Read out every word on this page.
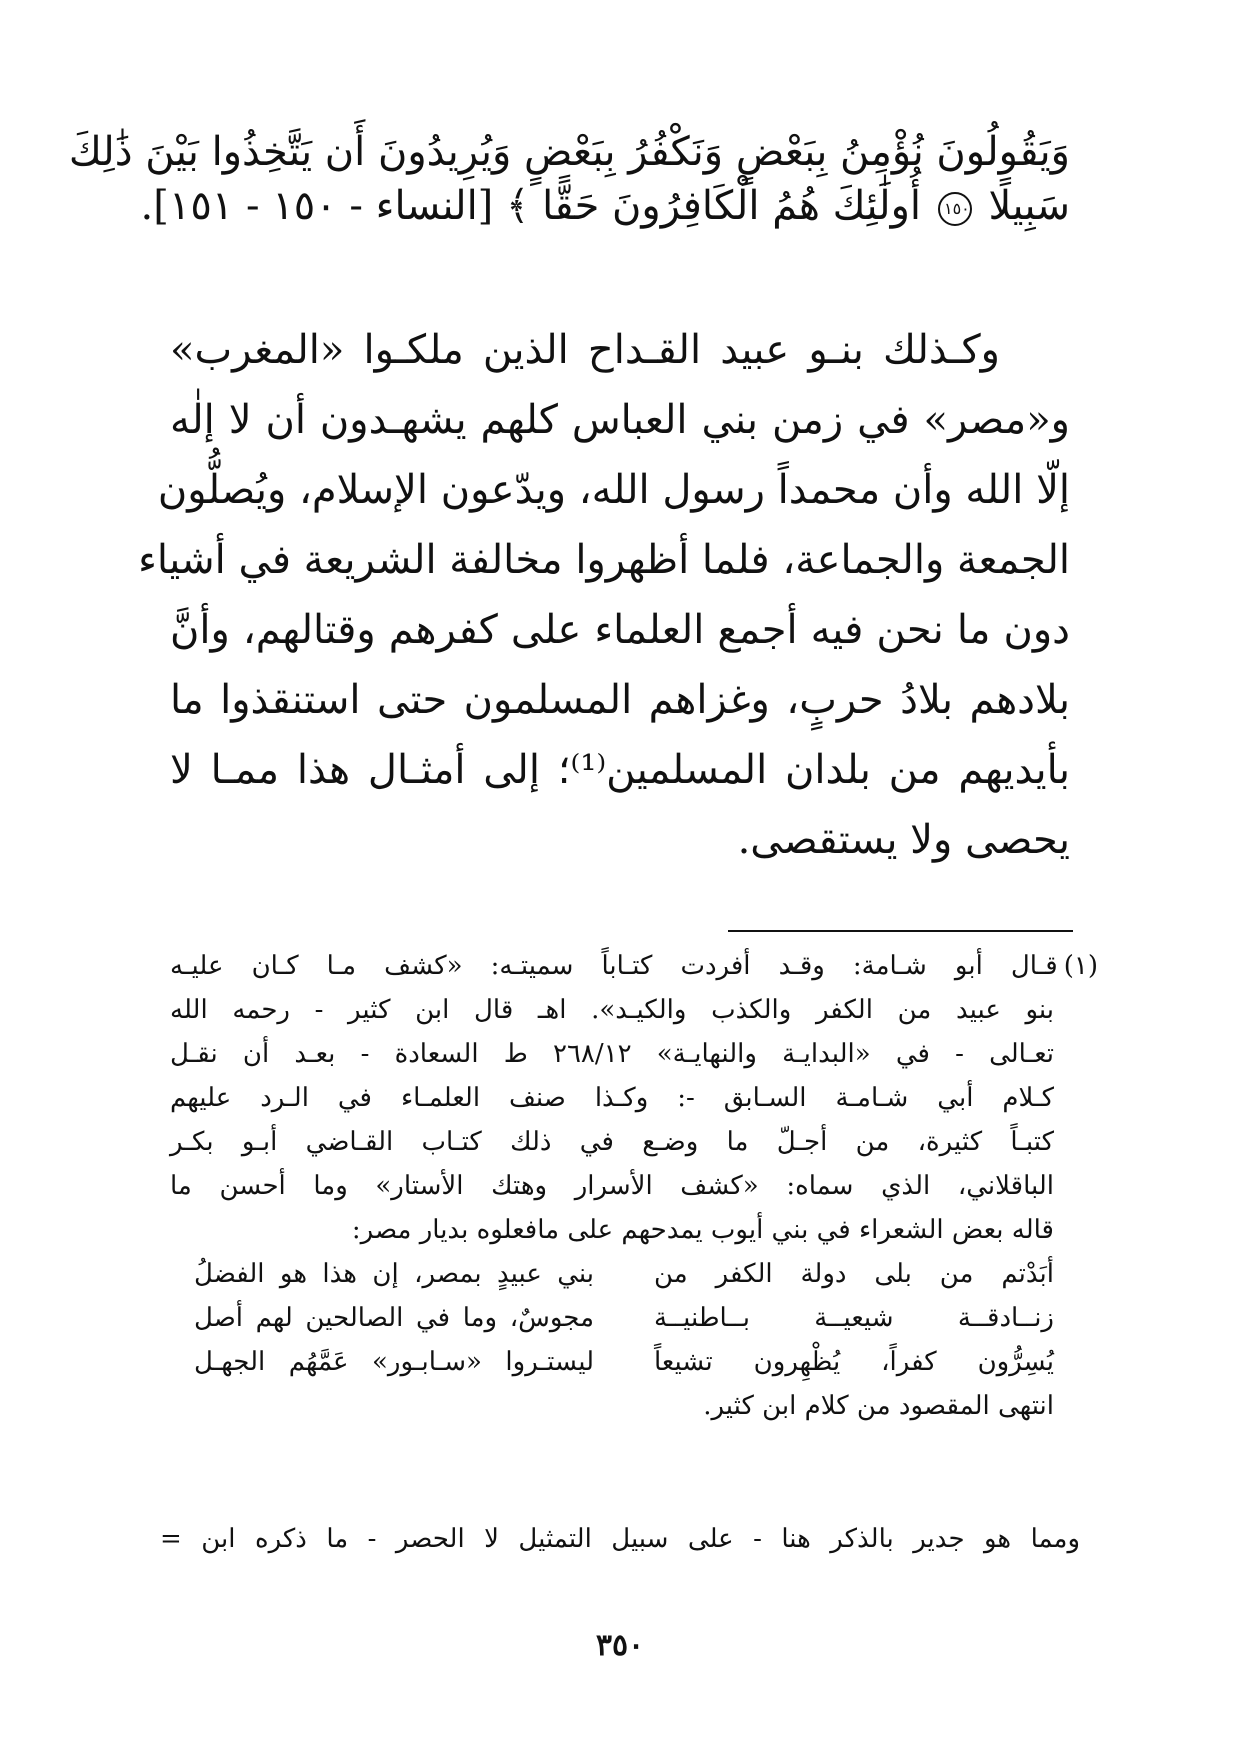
وَيَقُولُونَ نُؤْمِنُ بِبَعْضٍ وَنَكْفُرُ بِبَعْضٍ وَيُرِيدُونَ أَن يَتَّخِذُوا بَيْنَ ذَٰلِكَ
سَبِيلًا ١٥٠ أُولَٰئِكَ هُمُ الْكَافِرُونَ حَقًّا ﴾ [النساء - ١٥٠ - ١٥١].
وكـذلك بنـو عبيد القـداح الذين ملكـوا «المغرب»
و«مصر» في زمن بني العباس كلهم يشهـدون أن لا إلٰه
إلّا الله وأن محمداً رسول الله، ويدّعون الإسلام، ويُصلُّون
الجمعة والجماعة، فلما أظهروا مخالفة الشريعة في أشياء
دون ما نحن فيه أجمع العلماء على كفرهم وقتالهم، وأنَّ
بلادهم بلادُ حربٍ، وغزاهم المسلمون حتى استنقذوا ما
بأيديهم من بلدان المسلمين⁽¹⁾؛ إلى أمثـال هذا ممـا لا
يحصى ولا يستقصى.
(١)قـال أبو شـامة: وقـد أفردت كتـاباً سميتـه: «كشف مـا كـان عليـه
بنو عبيد من الكفر والكذب والكيـد». اهـ قال ابن كثير - رحمه الله
تعـالى - في «البدايـة والنهايـة» ٢٦٨/١٢ ط السعادة - بعـد أن نقـل
كـلام أبي شـامـة السـابق -: وكـذا صنف العلمـاء في الـرد عليهم
كتبـاً كثيرة، من أجـلّ ما وضـع في ذلك كتـاب القـاضي أبـو بكـر
الباقلاني، الذي سماه: «كشف الأسرار وهتك الأستار» وما أحسن ما
قاله بعض الشعراء في بني أيوب يمدحهم على مافعلوه بديار مصر:
أبَدْتم من بلى دولة الكفر من
بني عبيدٍ بمصر، إن هذا هو الفضلُ
زنــادقــة شيعيــة بــاطنيــة
مجوسٌ، وما في الصالحين لهم أصل
يُسِرُّون كفراً، يُظْهِرون تشيعاً
ليستـروا «سـابـور» عَمَّهُم الجهـل
انتهى المقصود من كلام ابن كثير.
ومما هو جدير بالذكر هنا - على سبيل التمثيل لا الحصر - ما ذكره ابن =
٣٥٠
